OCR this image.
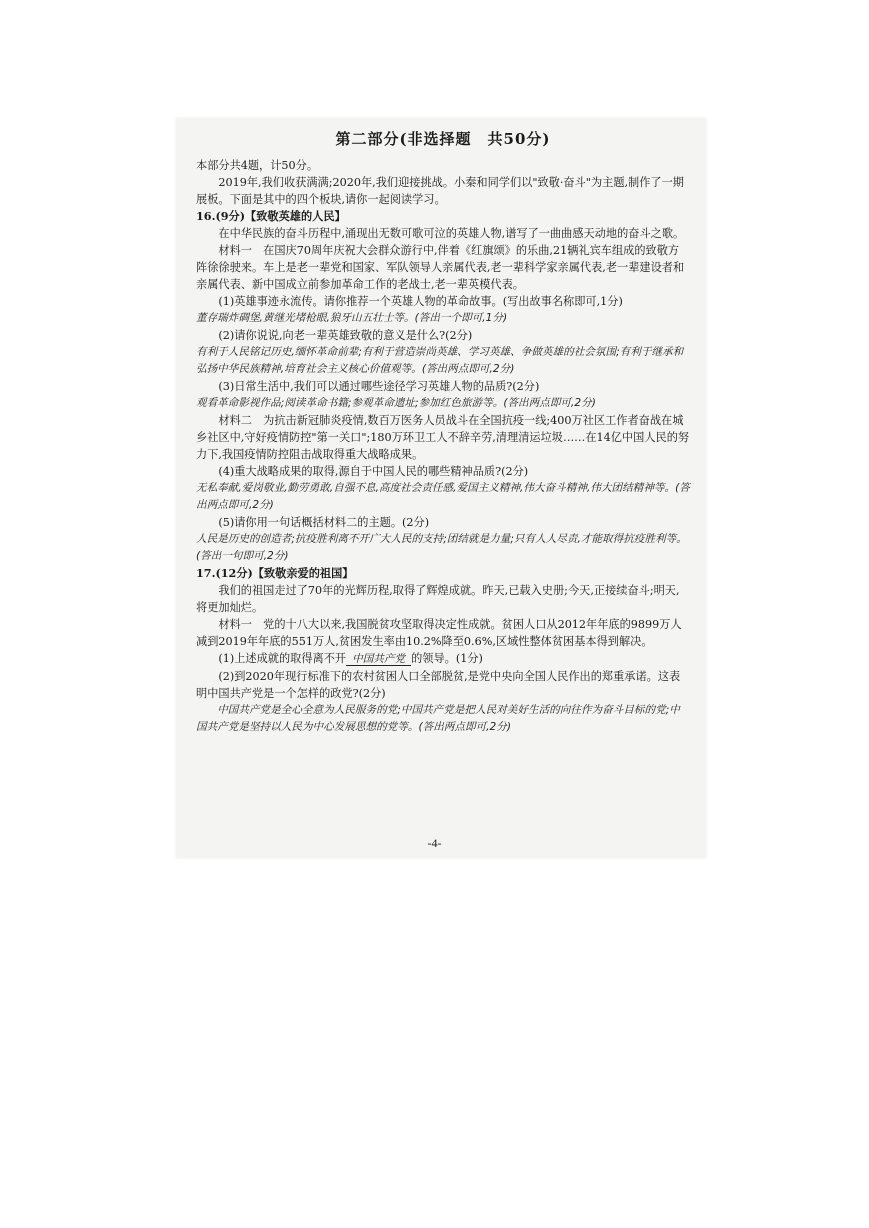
第二部分(非选择题　共50分)

本部分共4题，计50分。

2019年,我们收获满满;2020年,我们迎接挑战。小秦和同学们以"致敬·奋斗"为主题,制作了一期展板。下面是其中的四个板块,请你一起阅读学习。

16.(9分)【致敬英雄的人民】

在中华民族的奋斗历程中,涌现出无数可歌可泣的英雄人物,谱写了一曲曲感天动地的奋斗之歌。

材料一　在国庆70周年庆祝大会群众游行中,伴着《红旗颂》的乐曲,21辆礼宾车组成的致敬方阵徐徐驶来。车上是老一辈党和国家、军队领导人亲属代表,老一辈科学家亲属代表,老一辈建设者和亲属代表、新中国成立前参加革命工作的老战士,老一辈英模代表。

(1)英雄事迹永流传。请你推荐一个英雄人物的革命故事。(写出故事名称即可,1分)

董存瑞炸碉堡,黄继光堵枪眼,狼牙山五壮士等。(答出一个即可,1分)

(2)请你说说,向老一辈英雄致敬的意义是什么?(2分)

有利于人民铭记历史,缅怀革命前辈;有利于营造崇尚英雄、学习英雄、争做英雄的社会氛围;有利于继承和弘扬中华民族精神,培育社会主义核心价值观等。(答出两点即可,2分)

(3)日常生活中,我们可以通过哪些途径学习英雄人物的品质?(2分)

观看革命影视作品;阅读革命书籍;参观革命遗址;参加红色旅游等。(答出两点即可,2分)

材料二　为抗击新冠肺炎疫情,数百万医务人员战斗在全国抗疫一线;400万社区工作者奋战在城乡社区中,守好疫情防控"第一关口";180万环卫工人不辞辛劳,清理清运垃圾……在14亿中国人民的努力下,我国疫情防控阻击战取得重大战略成果。

(4)重大战略成果的取得,源自于中国人民的哪些精神品质?(2分)

无私奉献,爱岗敬业,勤劳勇敢,自强不息,高度社会责任感,爱国主义精神,伟大奋斗精神,伟大团结精神等。(答出两点即可,2分)

(5)请你用一句话概括材料二的主题。(2分)

人民是历史的创造者;抗疫胜利离不开广大人民的支持;团结就是力量;只有人人尽责,才能取得抗疫胜利等。(答出一句即可,2分)

17.(12分)【致敬亲爱的祖国】

我们的祖国走过了70年的光辉历程,取得了辉煌成就。昨天,已载入史册;今天,正接续奋斗;明天,将更加灿烂。

材料一　党的十八大以来,我国脱贫攻坚取得决定性成就。贫困人口从2012年年底的9899万人减到2019年年底的551万人,贫困发生率由10.2%降至0.6%,区域性整体贫困基本得到解决。

(1)上述成就的取得离不开 中国共产党 的领导。(1分)

(2)到2020年现行标准下的农村贫困人口全部脱贫,是党中央向全国人民作出的郑重承诺。这表明中国共产党是一个怎样的政党?(2分)

中国共产党是全心全意为人民服务的党;中国共产党是把人民对美好生活的向往作为奋斗目标的党;中国共产党是坚持以人民为中心发展思想的党等。(答出两点即可,2分)

-4-
